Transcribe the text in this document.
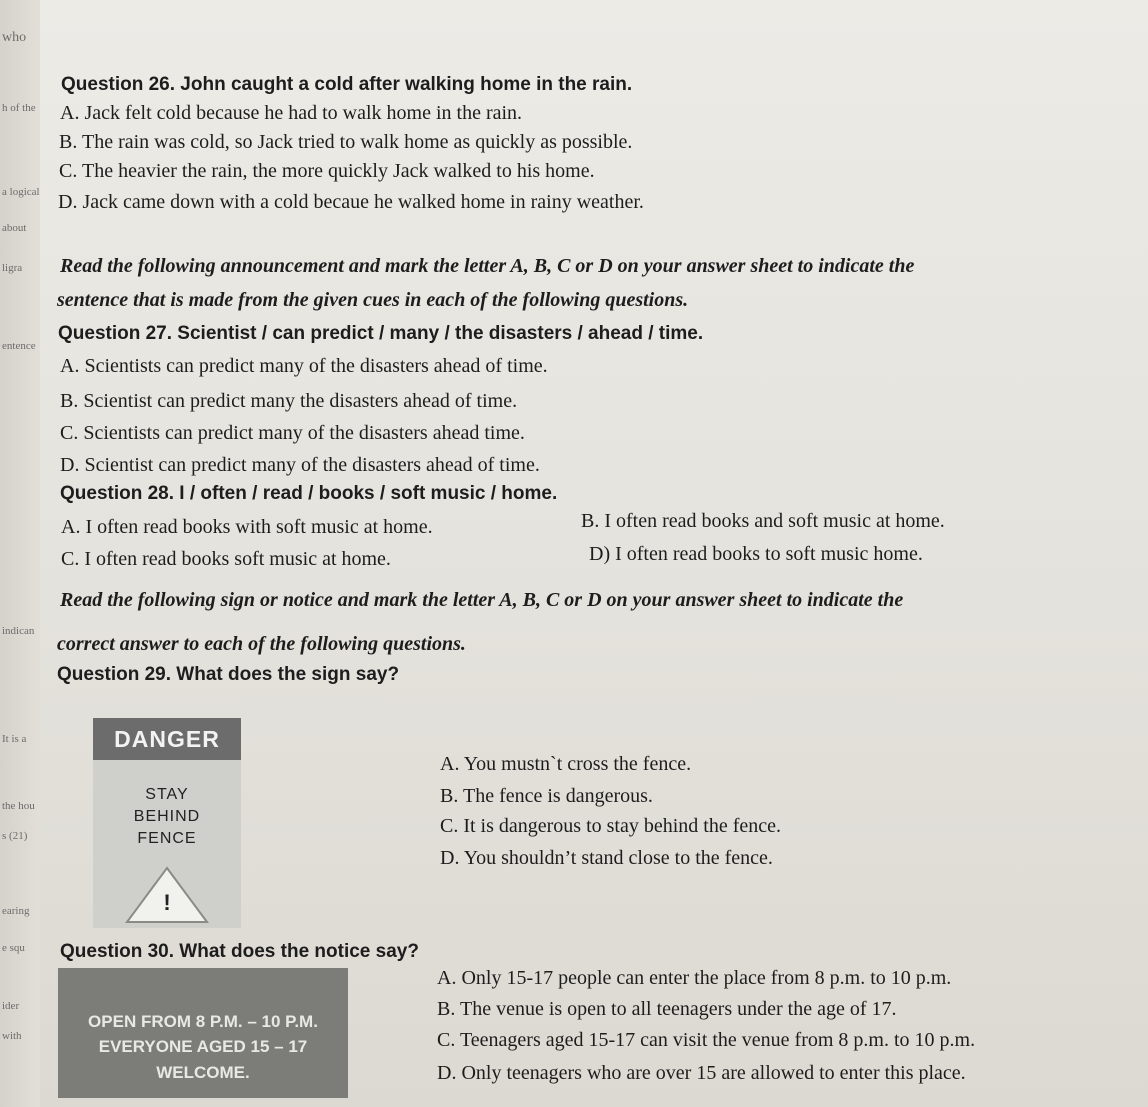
who
h of the
a logical
about
ligra
entence
indican
It is a
the hou
s (21)
earing
e squ
ider
with
Question 26. John caught a cold after walking home in the rain.
A. Jack felt cold because he had to walk home in the rain.
B. The rain was cold, so Jack tried to walk home as quickly as possible.
C. The heavier the rain, the more quickly Jack walked to his home.
D. Jack came down with a cold becaue he walked home in rainy weather.
Read the following announcement and mark the letter A, B, C or D on your answer sheet to indicate the
sentence that is made from the given cues in each of the following questions.
Question 27. Scientist / can predict / many / the disasters / ahead / time.
A. Scientists can predict many of the disasters ahead of time.
B. Scientist can predict many the disasters ahead of time.
C. Scientists can predict many of the disasters ahead time.
D. Scientist can predict many of the disasters ahead of time.
Question 28. I / often / read / books / soft music / home.
A. I often read books with soft music at home.	B. I often read books and soft music at home.
C. I often read books soft music at home.	D) I often read books to soft music home.
Read the following sign or notice and mark the letter A, B, C or D on your answer sheet to indicate the
correct answer to each of the following questions.
Question 29. What does the sign say?
DANGER
STAY
BEHIND
FENCE
!
A. You mustn`t cross the fence.
B. The fence is dangerous.
C. It is dangerous to stay behind the fence.
D. You shouldn’t stand close to the fence.
Question 30. What does the notice say?
OPEN FROM 8 P.M. – 10 P.M.
EVERYONE AGED 15 – 17
WELCOME.
A. Only 15-17 people can enter the place from 8 p.m. to 10 p.m.
B. The venue is open to all teenagers under the age of 17.
C. Teenagers aged 15-17 can visit the venue from 8 p.m. to 10 p.m.
D. Only teenagers who are over 15 are allowed to enter this place.
